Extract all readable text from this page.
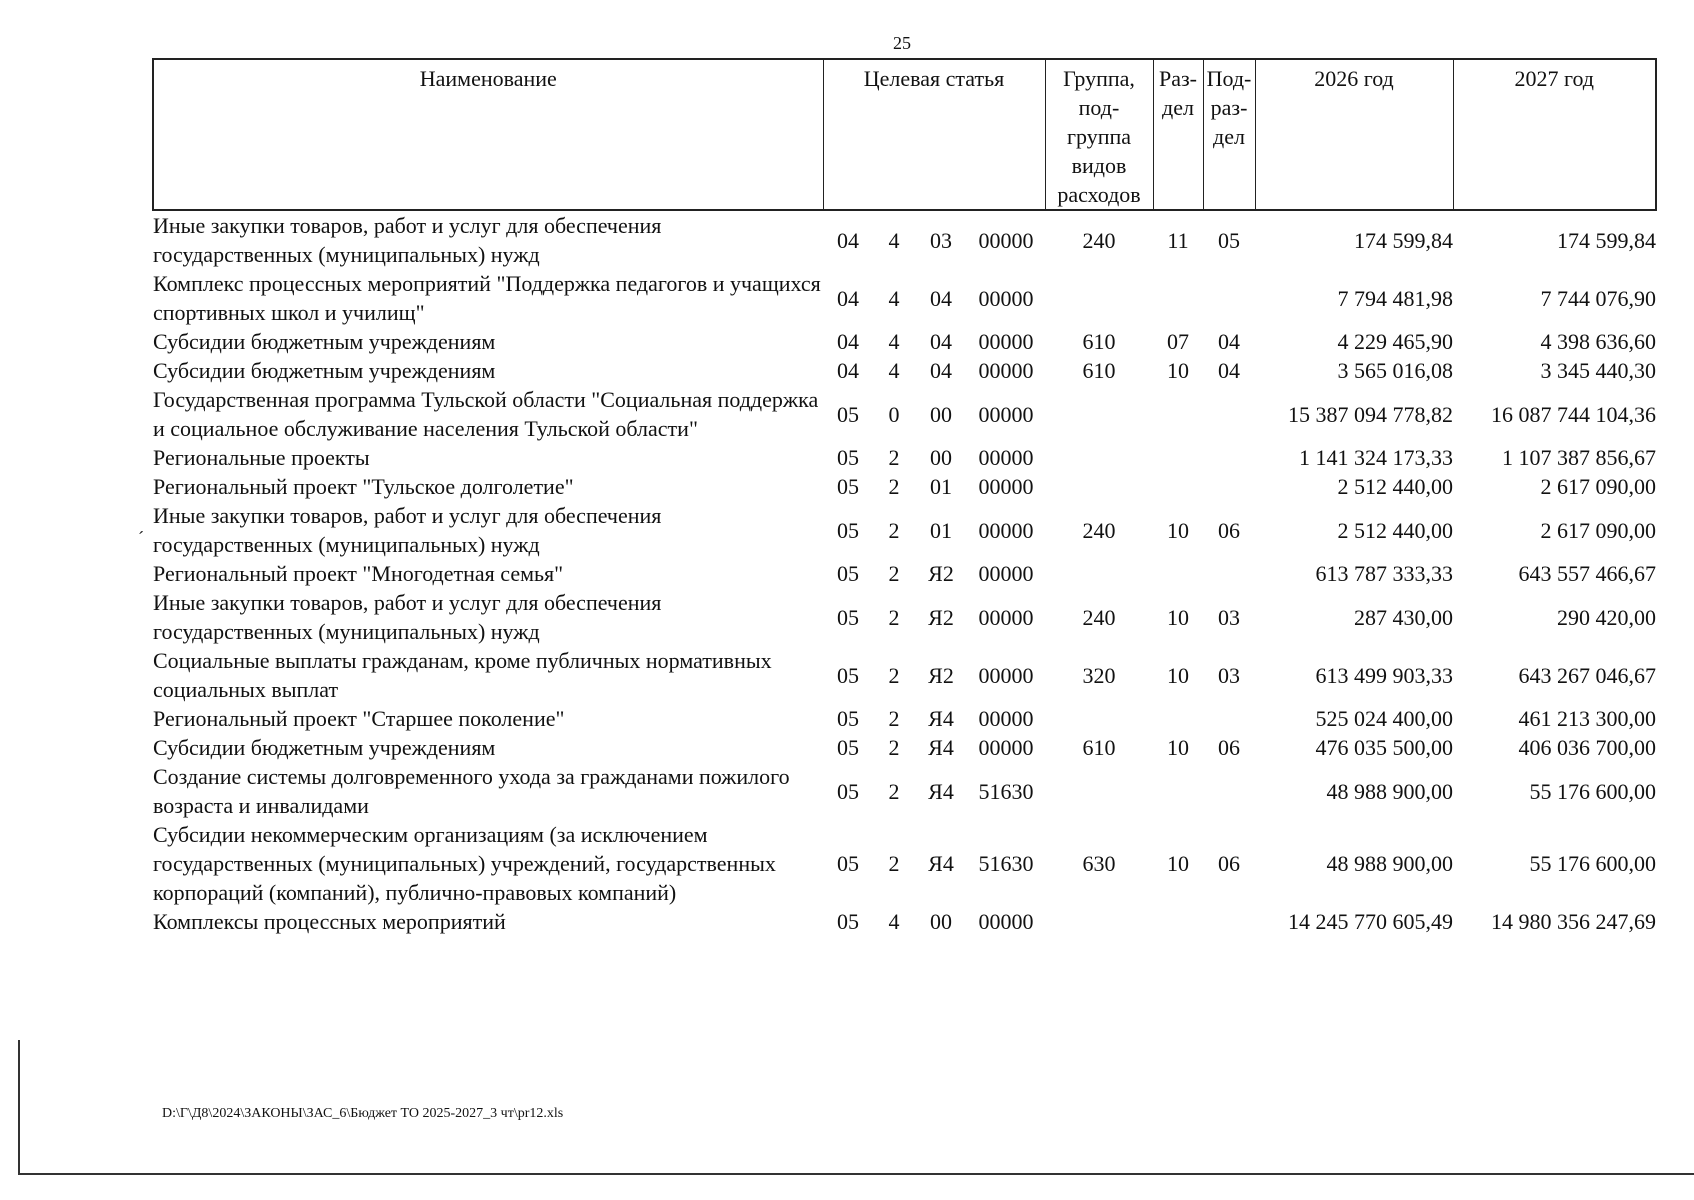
25
Наименование	Целевая статья				Группа, под- группа видов расходов	Раз- дел	Под- раз- дел	2026 год	2027 год
Иные закупки товаров, работ и услуг для обеспечения государственных (муниципальных) нужд	04	4	03	00000	240	11	05	174 599,84	174 599,84
Комплекс процессных мероприятий "Поддержка педагогов и учащихся спортивных школ и училищ"	04	4	04	00000				7 794 481,98	7 744 076,90
Субсидии бюджетным учреждениям	04	4	04	00000	610	07	04	4 229 465,90	4 398 636,60
Субсидии бюджетным учреждениям	04	4	04	00000	610	10	04	3 565 016,08	3 345 440,30
Государственная программа Тульской области "Социальная поддержка и социальное обслуживание населения Тульской области"	05	0	00	00000				15 387 094 778,82	16 087 744 104,36
Региональные проекты	05	2	00	00000				1 141 324 173,33	1 107 387 856,67
Региональный проект "Тульское долголетие"	05	2	01	00000				2 512 440,00	2 617 090,00
Иные закупки товаров, работ и услуг для обеспечения государственных (муниципальных) нужд	05	2	01	00000	240	10	06	2 512 440,00	2 617 090,00
Региональный проект "Многодетная семья"	05	2	Я2	00000				613 787 333,33	643 557 466,67
Иные закупки товаров, работ и услуг для обеспечения государственных (муниципальных) нужд	05	2	Я2	00000	240	10	03	287 430,00	290 420,00
Социальные выплаты гражданам, кроме публичных нормативных социальных выплат	05	2	Я2	00000	320	10	03	613 499 903,33	643 267 046,67
Региональный проект "Старшее поколение"	05	2	Я4	00000				525 024 400,00	461 213 300,00
Субсидии бюджетным учреждениям	05	2	Я4	00000	610	10	06	476 035 500,00	406 036 700,00
Создание системы долговременного ухода за гражданами пожилого возраста и инвалидами	05	2	Я4	51630				48 988 900,00	55 176 600,00
Субсидии некоммерческим организациям (за исключением государственных (муниципальных) учреждений, государственных корпораций (компаний), публично-правовых компаний)	05	2	Я4	51630	630	10	06	48 988 900,00	55 176 600,00
Комплексы процессных мероприятий	05	4	00	00000				14 245 770 605,49	14 980 356 247,69
ˊ
D:\Г\Д8\2024\ЗАКОНЫ\ЗАС_6\Бюджет ТО 2025-2027_3 чт\pr12.xls
